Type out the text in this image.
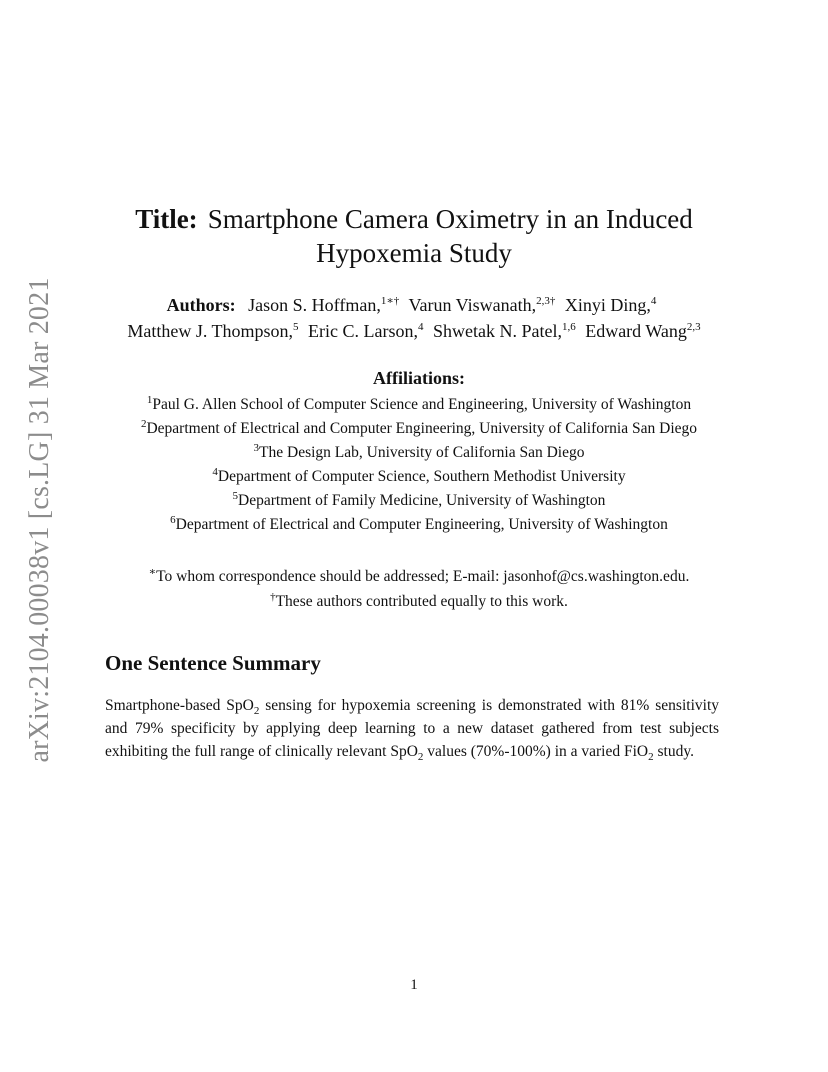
arXiv:2104.00038v1 [cs.LG] 31 Mar 2021
Title: Smartphone Camera Oximetry in an Induced
Hypoxemia Study
Authors: Jason S. Hoffman,$^{1∗\dagger}$ Varun Viswanath,$^{2,3\dagger}$ Xinyi Ding,$^4$
Matthew J. Thompson,$^5$ Eric C. Larson,$^4$ Shwetak N. Patel,$^{1,6}$ Edward Wang$^{2,3}$
Affiliations:
$^1$Paul G. Allen School of Computer Science and Engineering, University of Washington
$^2$Department of Electrical and Computer Engineering, University of California San Diego
$^3$The Design Lab, University of California San Diego
$^4$Department of Computer Science, Southern Methodist University
$^5$Department of Family Medicine, University of Washington
$^6$Department of Electrical and Computer Engineering, University of Washington
∗To whom correspondence should be addressed; E-mail: jasonhof@cs.washington.edu.
†These authors contributed equally to this work.
One Sentence Summary
Smartphone-based SpO$_2$ sensing for hypoxemia screening is demonstrated with 81% sensitivity and 79% specificity by applying deep learning to a new dataset gathered from test subjects exhibiting the full range of clinically relevant SpO$_2$ values (70%-100%) in a varied FiO$_2$ study.
1
